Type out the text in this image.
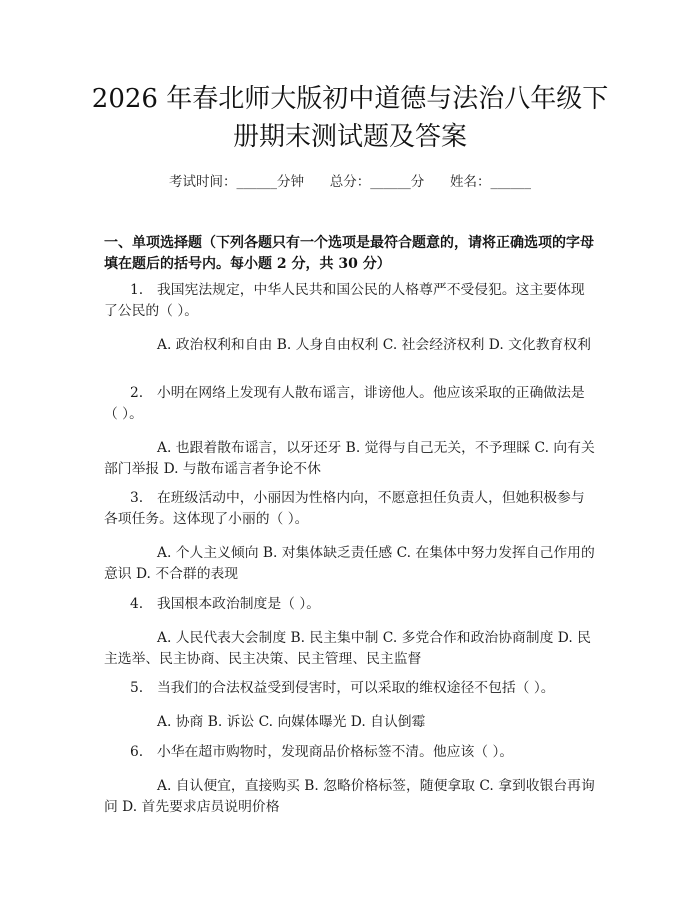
2026 年春北师大版初中道德与法治八年级下册期末测试题及答案
考试时间：______分钟 总分：______分 姓名：______
一、单项选择题（下列各题只有一个选项是最符合题意的，请将正确选项的字母填在题后的括号内。每小题 2 分，共 30 分）
1.　我国宪法规定，中华人民共和国公民的人格尊严不受侵犯。这主要体现了公民的（ ）。
A. 政治权利和自由 B. 人身自由权利 C. 社会经济权利 D. 文化教育权利
2.　小明在网络上发现有人散布谣言，诽谤他人。他应该采取的正确做法是（ ）。
A. 也跟着散布谣言，以牙还牙 B. 觉得与自己无关，不予理睬 C. 向有关部门举报 D. 与散布谣言者争论不休
3.　在班级活动中，小丽因为性格内向，不愿意担任负责人，但她积极参与各项任务。这体现了小丽的（ ）。
A. 个人主义倾向 B. 对集体缺乏责任感 C. 在集体中努力发挥自己作用的意识 D. 不合群的表现
4.　我国根本政治制度是（ ）。
A. 人民代表大会制度 B. 民主集中制 C. 多党合作和政治协商制度 D. 民主选举、民主协商、民主决策、民主管理、民主监督
5.　当我们的合法权益受到侵害时，可以采取的维权途径不包括（ ）。
A. 协商 B. 诉讼 C. 向媒体曝光 D. 自认倒霉
6.　小华在超市购物时，发现商品价格标签不清。他应该（ ）。
A. 自认便宜，直接购买 B. 忽略价格标签，随便拿取 C. 拿到收银台再询问 D. 首先要求店员说明价格
